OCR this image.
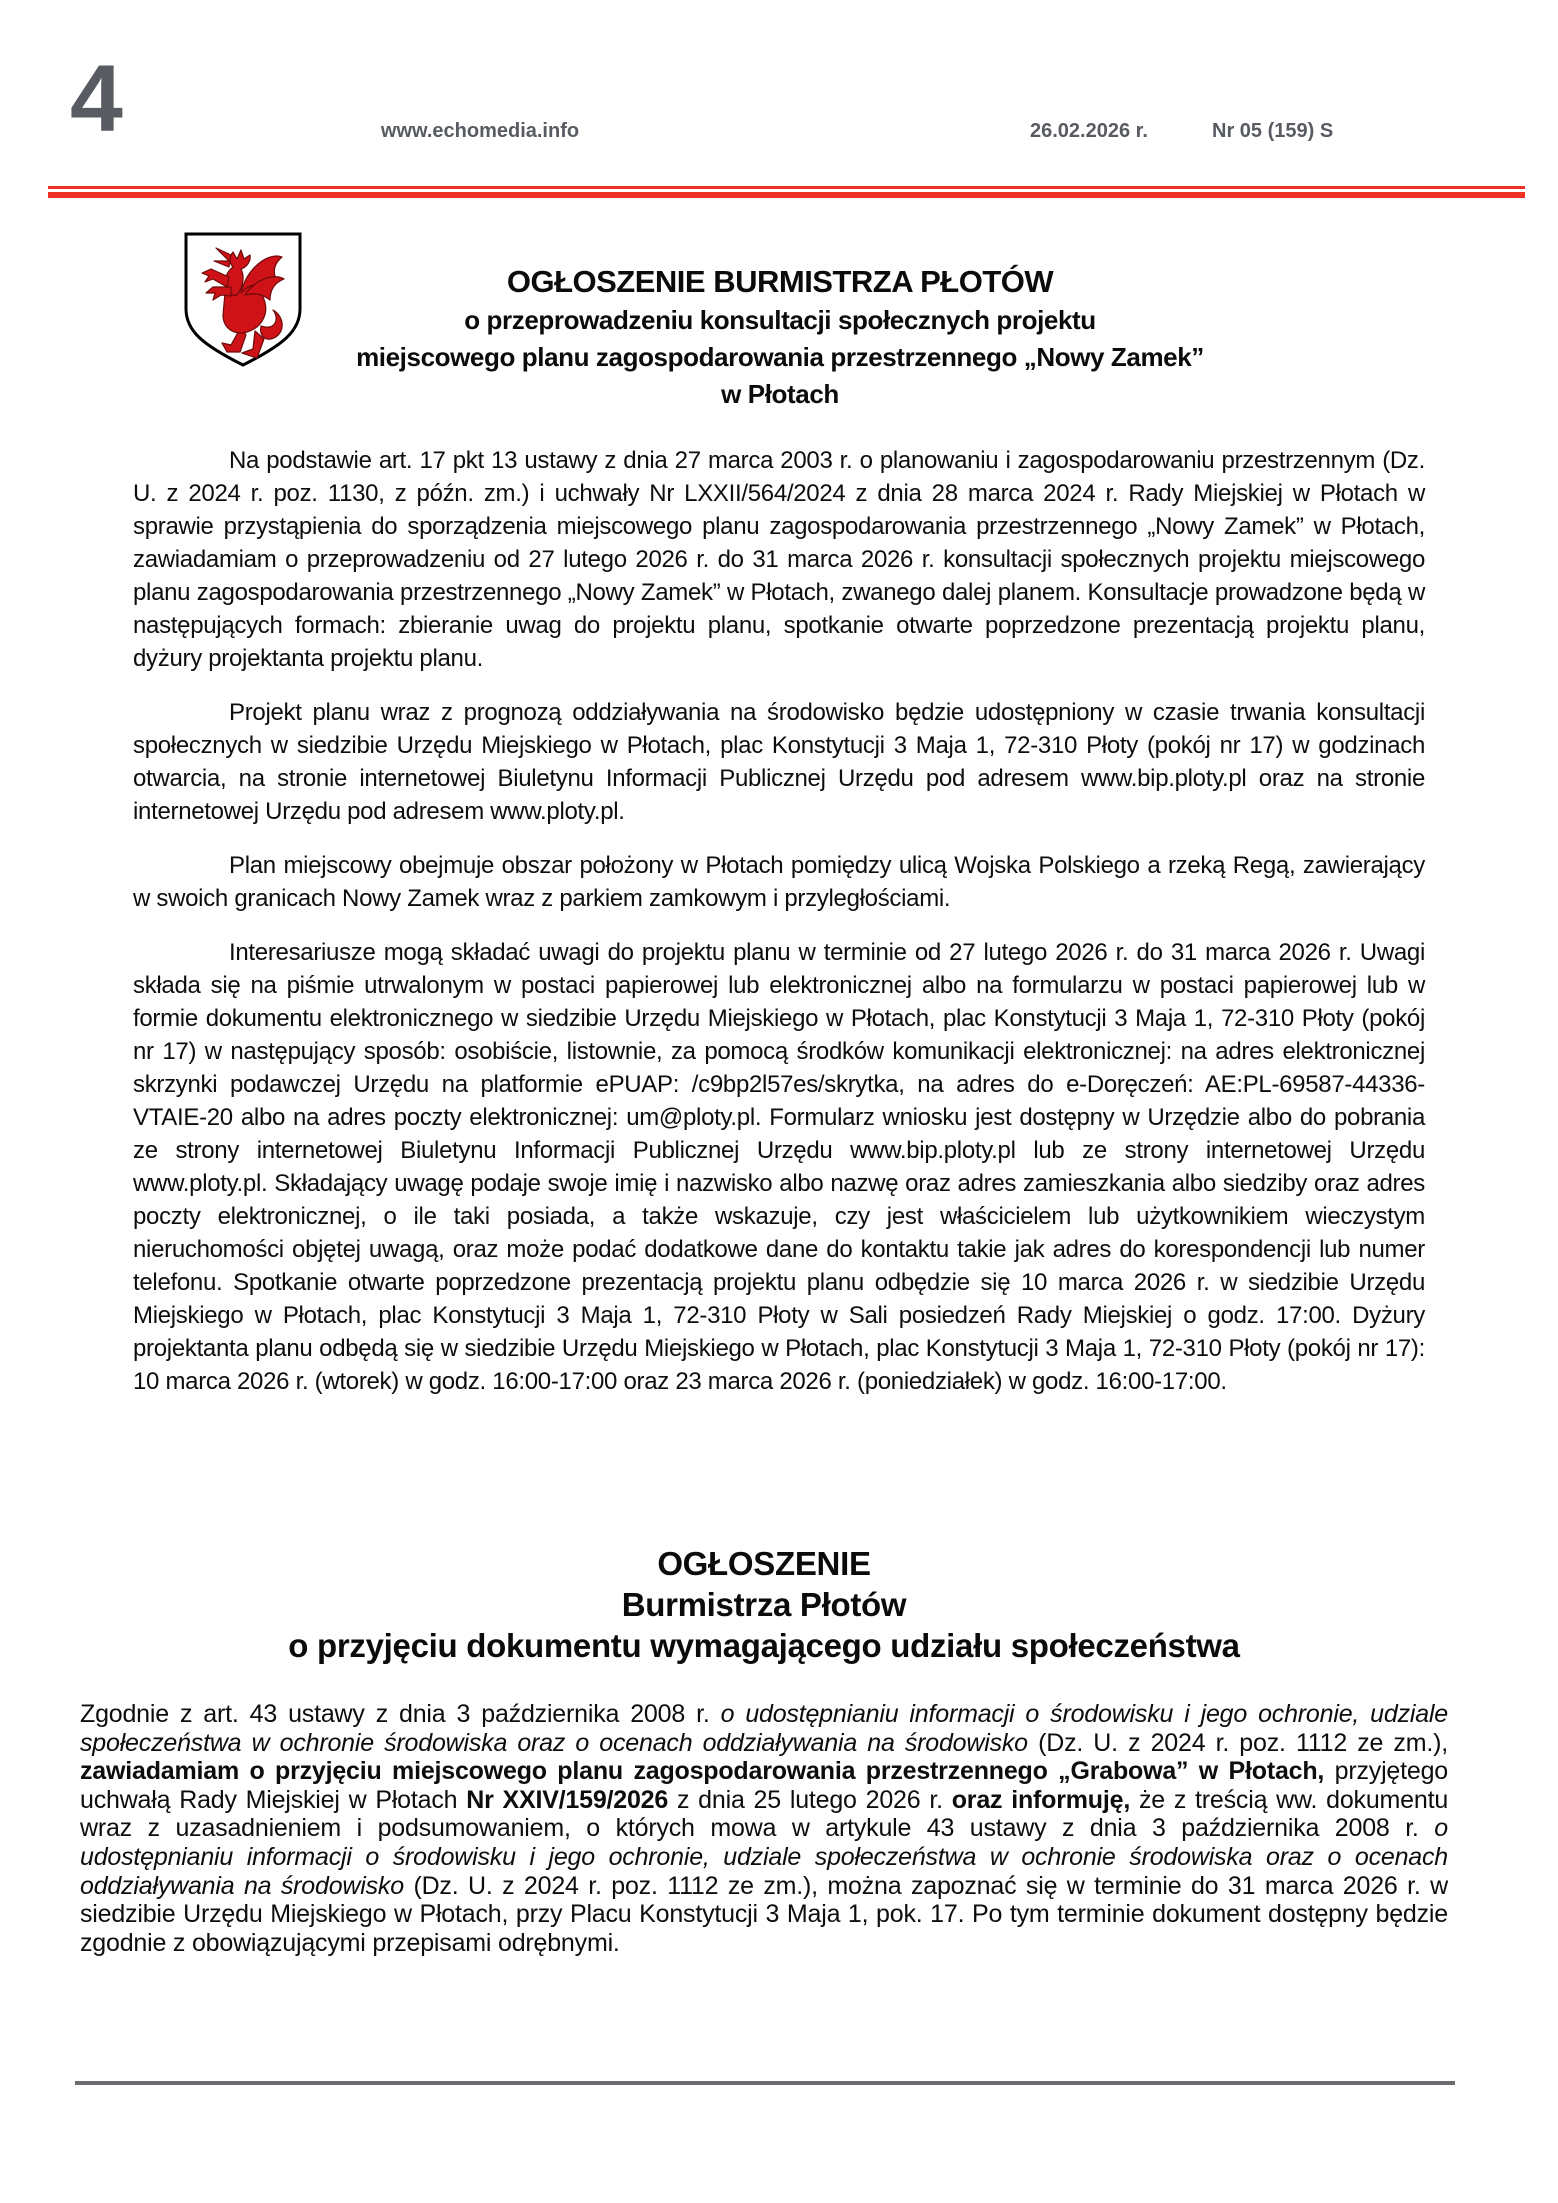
4	www.echomedia.info	26.02.2026 r.	Nr 05 (159) S
OGŁOSZENIE BURMISTRZA PŁOTÓW
o przeprowadzeniu konsultacji społecznych projektu
miejscowego planu zagospodarowania przestrzennego „Nowy Zamek”
w Płotach

Na podstawie art. 17 pkt 13 ustawy z dnia 27 marca 2003 r. o planowaniu i zagospodarowaniu przestrzennym (Dz. U. z 2024 r. poz. 1130, z późn. zm.) i uchwały Nr LXXII/564/2024 z dnia 28 marca 2024 r. Rady Miejskiej w Płotach w sprawie przystąpienia do sporządzenia miejscowego planu zagospodarowania przestrzennego „Nowy Zamek” w Płotach, zawiadamiam o przeprowadzeniu od 27 lutego 2026 r. do 31 marca 2026 r. konsultacji społecznych projektu miejscowego planu zagospodarowania przestrzennego „Nowy Zamek” w Płotach, zwanego dalej planem. Konsultacje prowadzone będą w następujących formach: zbieranie uwag do projektu planu, spotkanie otwarte poprzedzone prezentacją projektu planu, dyżury projektanta projektu planu.

Projekt planu wraz z prognozą oddziaływania na środowisko będzie udostępniony w czasie trwania konsultacji społecznych w siedzibie Urzędu Miejskiego w Płotach, plac Konstytucji 3 Maja 1, 72-310 Płoty (pokój nr 17) w godzinach otwarcia, na stronie internetowej Biuletynu Informacji Publicznej Urzędu pod adresem www.bip.ploty.pl oraz na stronie internetowej Urzędu pod adresem www.ploty.pl.

Plan miejscowy obejmuje obszar położony w Płotach pomiędzy ulicą Wojska Polskiego a rzeką Regą, zawierający w swoich granicach Nowy Zamek wraz z parkiem zamkowym i przyległościami.

Interesariusze mogą składać uwagi do projektu planu w terminie od 27 lutego 2026 r. do 31 marca 2026 r. Uwagi składa się na piśmie utrwalonym w postaci papierowej lub elektronicznej albo na formularzu w postaci papierowej lub w formie dokumentu elektronicznego w siedzibie Urzędu Miejskiego w Płotach, plac Konstytucji 3 Maja 1, 72-310 Płoty (pokój nr 17) w następujący sposób: osobiście, listownie, za pomocą środków komunikacji elektronicznej: na adres elektronicznej skrzynki podawczej Urzędu na platformie ePUAP: /c9bp2l57es/skrytka, na adres do e-Doręczeń: AE:PL-69587-44336-VTAIE-20 albo na adres poczty elektronicznej: um@ploty.pl. Formularz wniosku jest dostępny w Urzędzie albo do pobrania ze strony internetowej Biuletynu Informacji Publicznej Urzędu www.bip.ploty.pl lub ze strony internetowej Urzędu www.ploty.pl. Składający uwagę podaje swoje imię i nazwisko albo nazwę oraz adres zamieszkania albo siedziby oraz adres poczty elektronicznej, o ile taki posiada, a także wskazuje, czy jest właścicielem lub użytkownikiem wieczystym nieruchomości objętej uwagą, oraz może podać dodatkowe dane do kontaktu takie jak adres do korespondencji lub numer telefonu. Spotkanie otwarte poprzedzone prezentacją projektu planu odbędzie się 10 marca 2026 r. w siedzibie Urzędu Miejskiego w Płotach, plac Konstytucji 3 Maja 1, 72-310 Płoty w Sali posiedzeń Rady Miejskiej o godz. 17:00. Dyżury projektanta planu odbędą się w siedzibie Urzędu Miejskiego w Płotach, plac Konstytucji 3 Maja 1, 72-310 Płoty (pokój nr 17): 10 marca 2026 r. (wtorek) w godz. 16:00-17:00 oraz 23 marca 2026 r. (poniedziałek) w godz. 16:00-17:00.

OGŁOSZENIE
Burmistrza Płotów
o przyjęciu dokumentu wymagającego udziału społeczeństwa

Zgodnie z art. 43 ustawy z dnia 3 października 2008 r. o udostępnianiu informacji o środowisku i jego ochronie, udziale społeczeństwa w ochronie środowiska oraz o ocenach oddziaływania na środowisko (Dz. U. z 2024 r. poz. 1112 ze zm.), zawiadamiam o przyjęciu miejscowego planu zagospodarowania przestrzennego „Grabowa” w Płotach, przyjętego uchwałą Rady Miejskiej w Płotach Nr XXIV/159/2026 z dnia 25 lutego 2026 r. oraz informuję, że z treścią ww. dokumentu wraz z uzasadnieniem i podsumowaniem, o których mowa w artykule 43 ustawy z dnia 3 października 2008 r. o udostępnianiu informacji o środowisku i jego ochronie, udziale społeczeństwa w ochronie środowiska oraz o ocenach oddziaływania na środowisko (Dz. U. z 2024 r. poz. 1112 ze zm.), można zapoznać się w terminie do 31 marca 2026 r. w siedzibie Urzędu Miejskiego w Płotach, przy Placu Konstytucji 3 Maja 1, pok. 17. Po tym terminie dokument dostępny będzie zgodnie z obowiązującymi przepisami odrębnymi.
